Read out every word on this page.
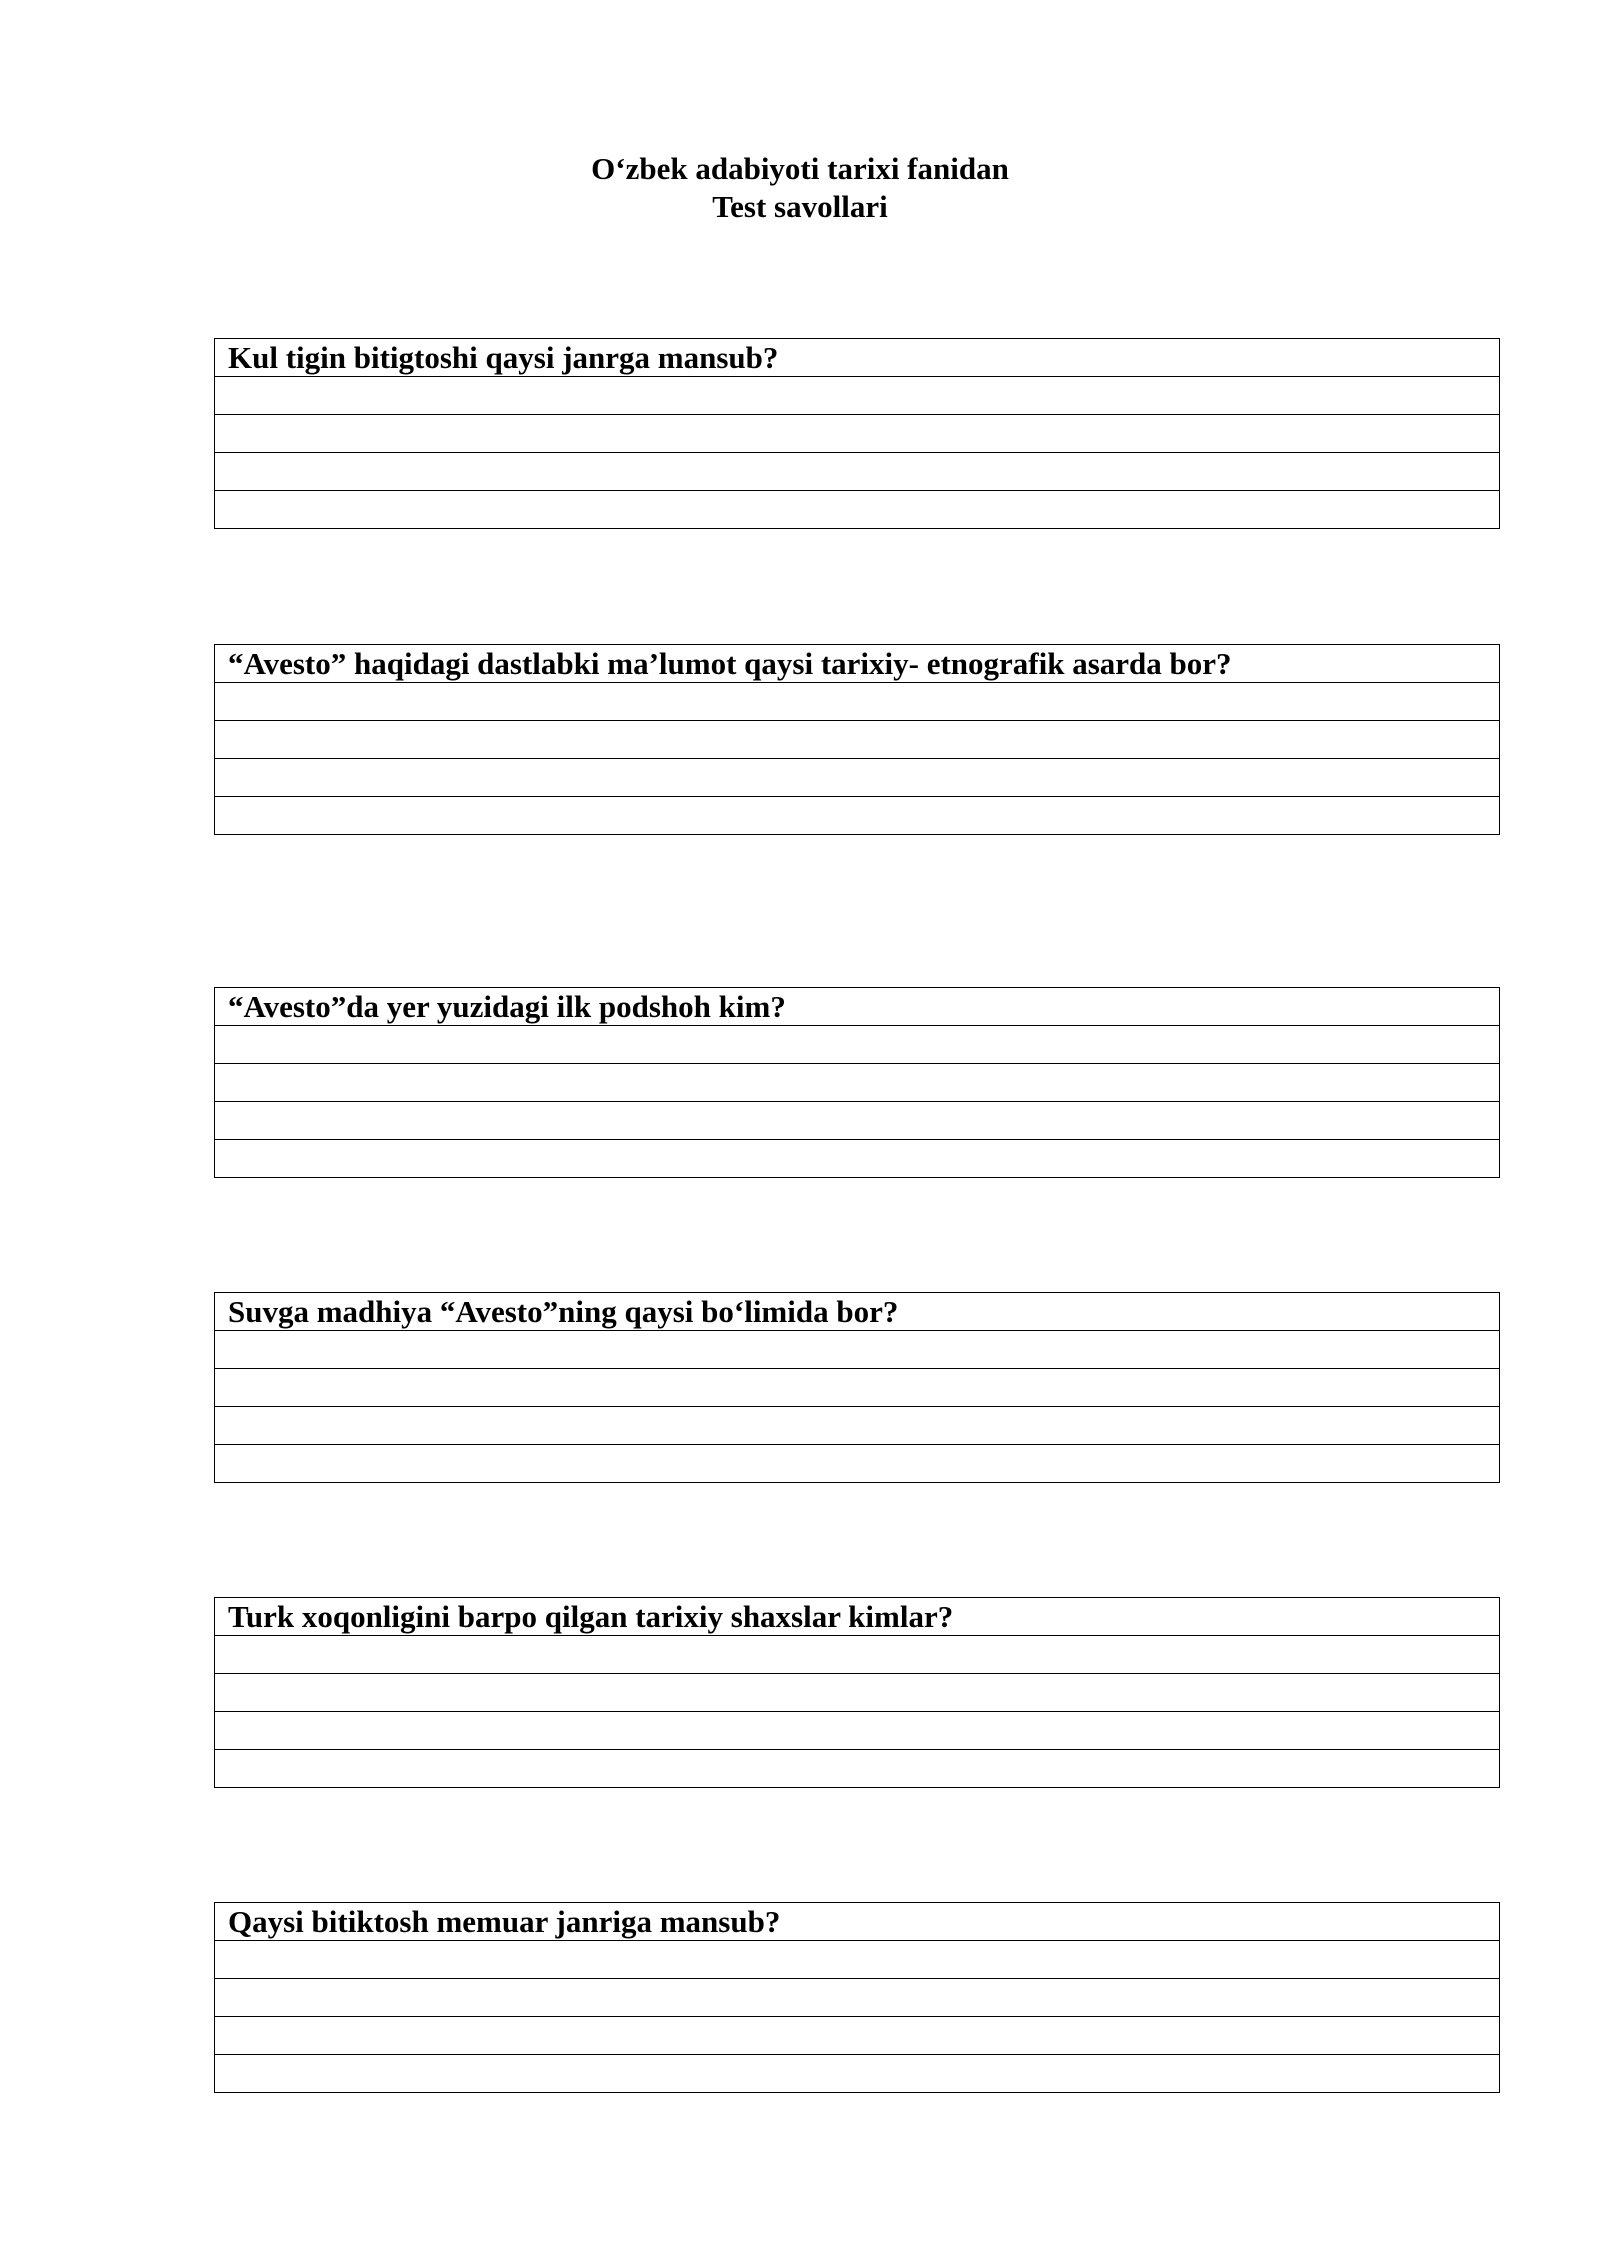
O‘zbek adabiyoti tarixi fanidan
Test savollari
Kul tigin bitigtoshi qaysi janrga mansub?

“Avesto” haqidagi dastlabki ma’lumot qaysi tarixiy- etnografik asarda bor?

“Avesto”da yer yuzidagi ilk podshoh kim?

Suvga madhiya “Avesto”ning qaysi bo‘limida bor?

Turk xoqonligini barpo qilgan tarixiy shaxslar kimlar?

Qaysi bitiktosh memuar janriga mansub?
